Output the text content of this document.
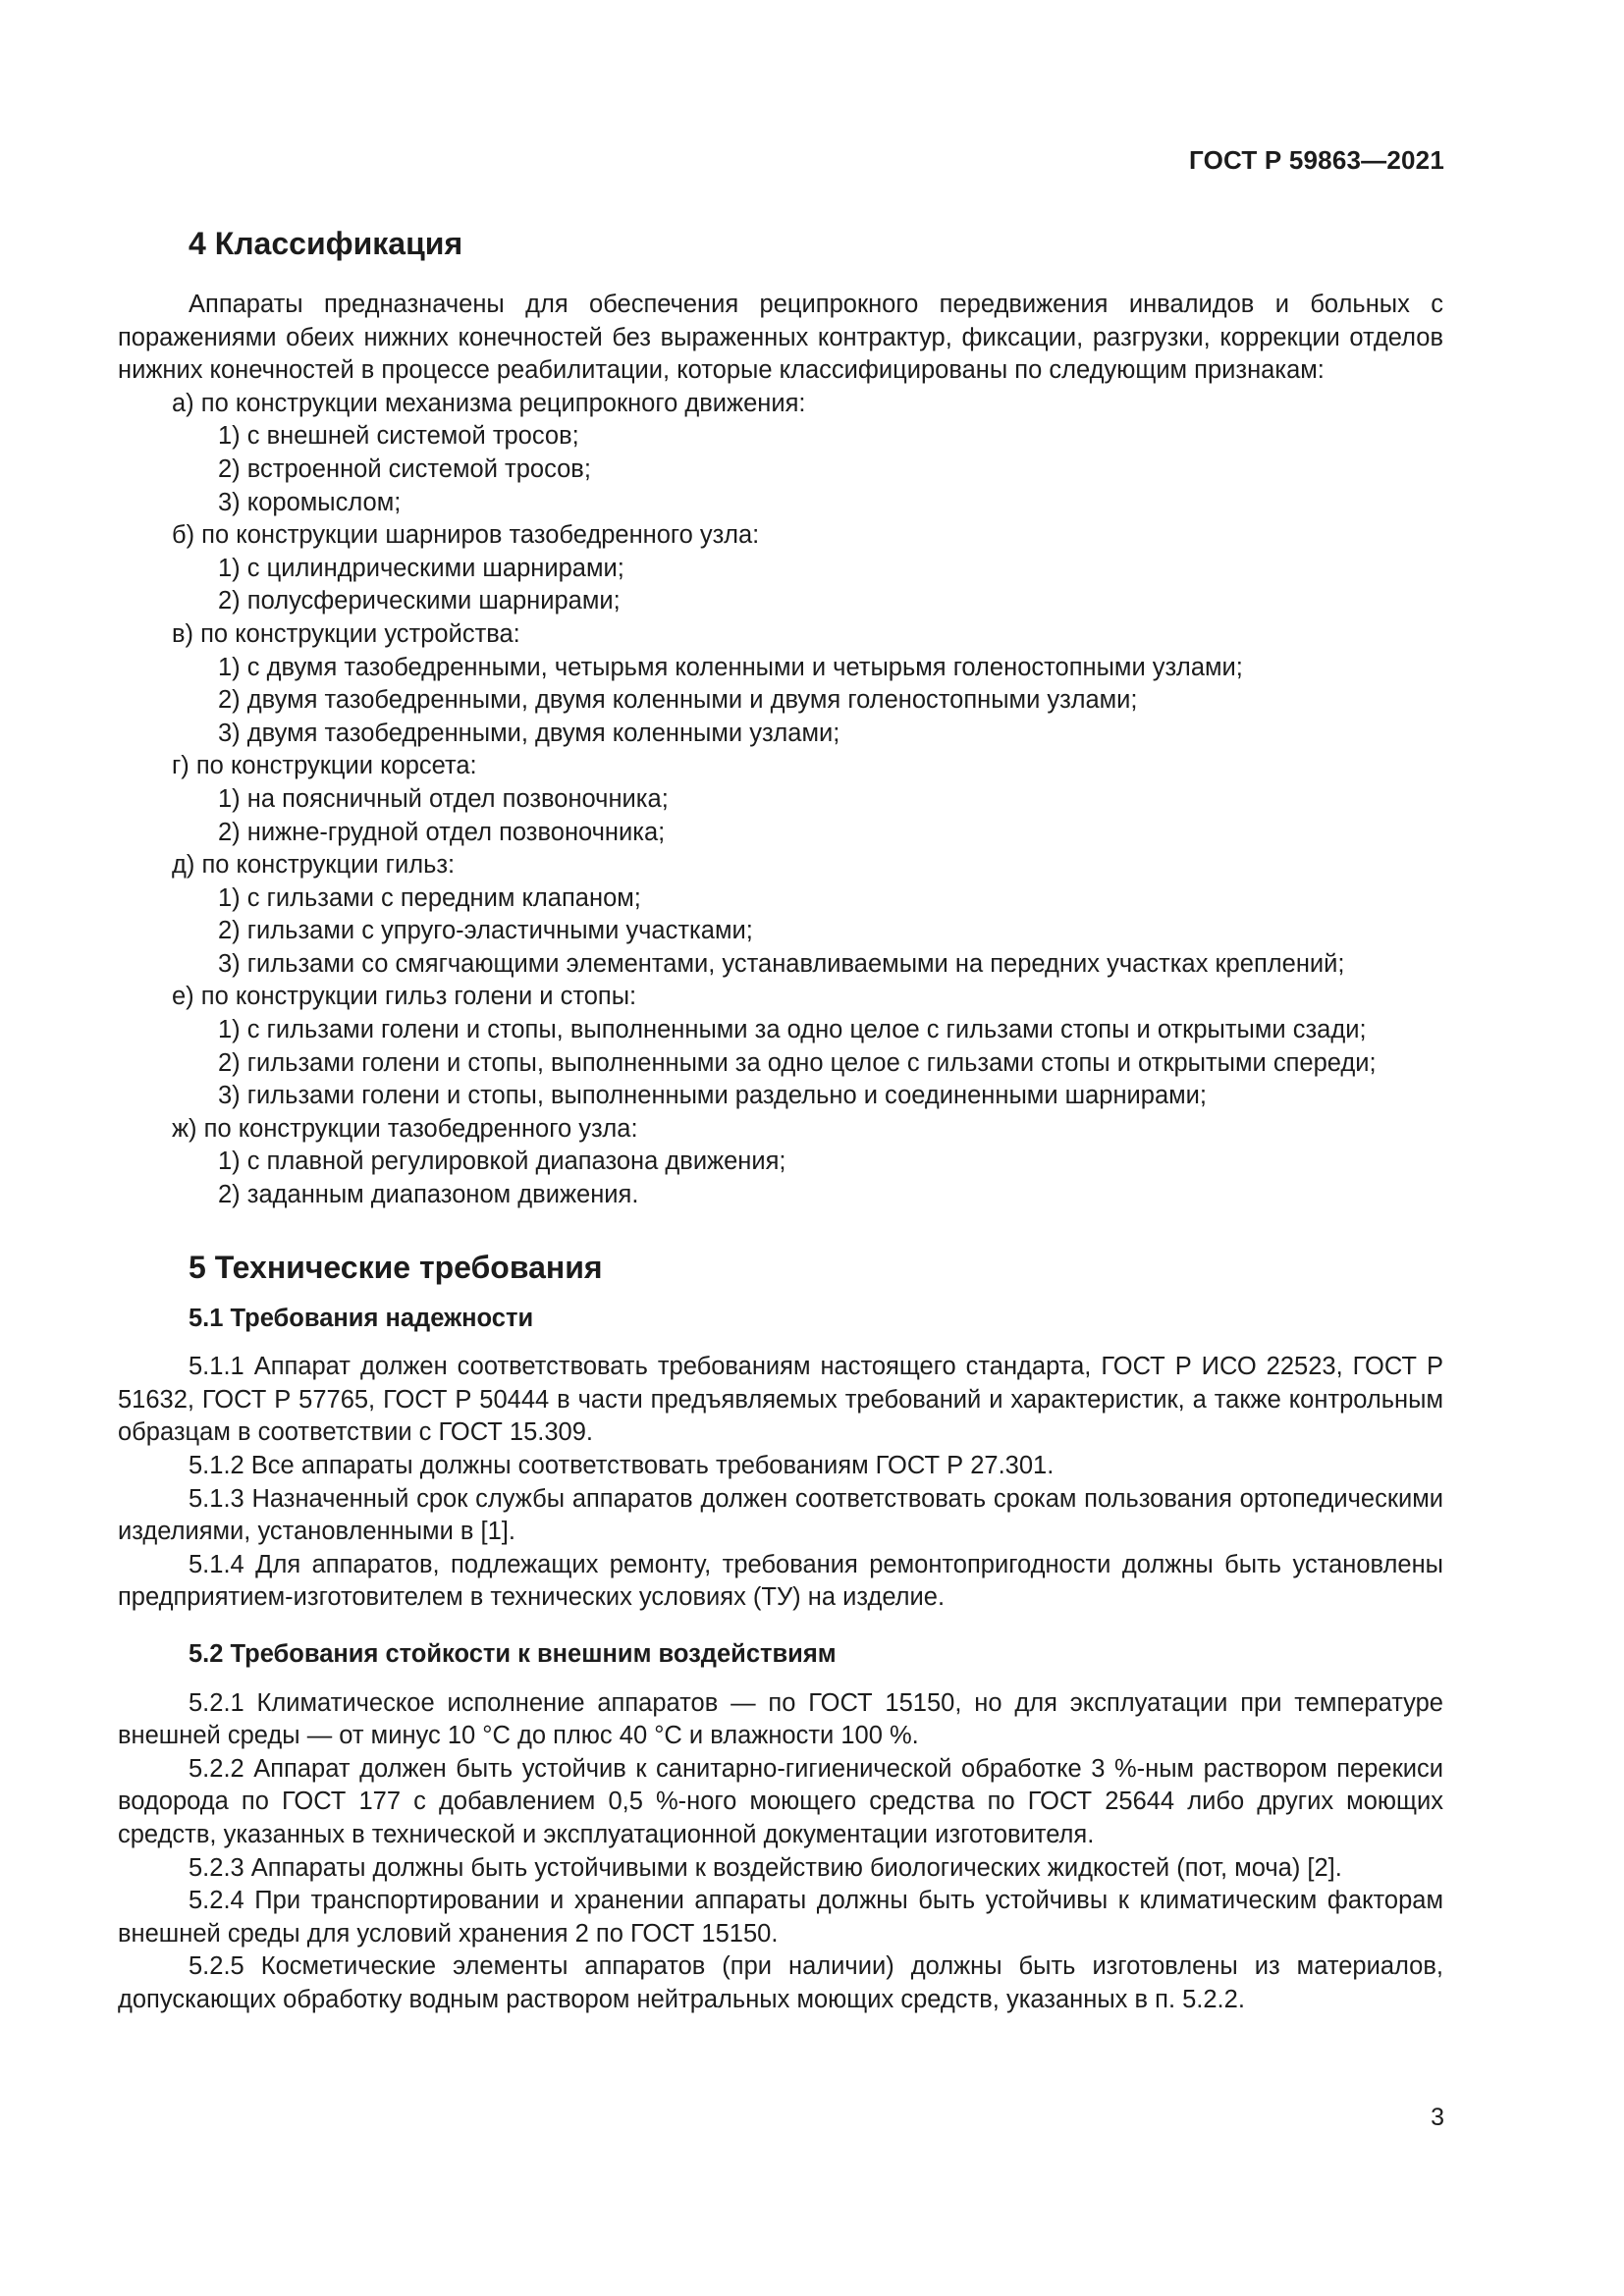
ГОСТ Р 59863—2021
4 Классификация

Аппараты предназначены для обеспечения реципрокного передвижения инвалидов и больных с поражениями обеих нижних конечностей без выраженных контрактур, фиксации, разгрузки, коррекции отделов нижних конечностей в процессе реабилитации, которые классифицированы по следующим признакам:

а) по конструкции механизма реципрокного движения:

1) с внешней системой тросов;

2) встроенной системой тросов;

3) коромыслом;

б) по конструкции шарниров тазобедренного узла:

1) с цилиндрическими шарнирами;

2) полусферическими шарнирами;

в) по конструкции устройства:

1) с двумя тазобедренными, четырьмя коленными и четырьмя голеностопными узлами;

2) двумя тазобедренными, двумя коленными и двумя голеностопными узлами;

3) двумя тазобедренными, двумя коленными узлами;

г) по конструкции корсета:

1) на поясничный отдел позвоночника;

2) нижне-грудной отдел позвоночника;

д) по конструкции гильз:

1) с гильзами с передним клапаном;

2) гильзами с упруго-эластичными участками;

3) гильзами со смягчающими элементами, устанавливаемыми на передних участках креплений;

е) по конструкции гильз голени и стопы:

1) с гильзами голени и стопы, выполненными за одно целое с гильзами стопы и открытыми сзади;

2) гильзами голени и стопы, выполненными за одно целое с гильзами стопы и открытыми спереди;

3) гильзами голени и стопы, выполненными раздельно и соединенными шарнирами;

ж) по конструкции тазобедренного узла:

1) с плавной регулировкой диапазона движения;

2) заданным диапазоном движения.

5 Технические требования
5.1 Требования надежности

5.1.1 Аппарат должен соответствовать требованиям настоящего стандарта, ГОСТ Р ИСО 22523, ГОСТ Р 51632, ГОСТ Р 57765, ГОСТ Р 50444 в части предъявляемых требований и характеристик, а также контрольным образцам в соответствии с ГОСТ 15.309.

5.1.2 Все аппараты должны соответствовать требованиям ГОСТ Р 27.301.

5.1.3 Назначенный срок службы аппаратов должен соответствовать срокам пользования ортопедическими изделиями, установленными в [1].

5.1.4 Для аппаратов, подлежащих ремонту, требования ремонтопригодности должны быть установлены предприятием-изготовителем в технических условиях (ТУ) на изделие.

5.2 Требования стойкости к внешним воздействиям

5.2.1 Климатическое исполнение аппаратов — по ГОСТ 15150, но для эксплуатации при температуре внешней среды — от минус 10 °С до плюс 40 °С и влажности 100 %.

5.2.2 Аппарат должен быть устойчив к санитарно-гигиенической обработке 3 %-ным раствором перекиси водорода по ГОСТ 177 с добавлением 0,5 %-ного моющего средства по ГОСТ 25644 либо других моющих средств, указанных в технической и эксплуатационной документации изготовителя.

5.2.3 Аппараты должны быть устойчивыми к воздействию биологических жидкостей (пот, моча) [2].

5.2.4 При транспортировании и хранении аппараты должны быть устойчивы к климатическим факторам внешней среды для условий хранения 2 по ГОСТ 15150.

5.2.5 Косметические элементы аппаратов (при наличии) должны быть изготовлены из материалов, допускающих обработку водным раствором нейтральных моющих средств, указанных в п. 5.2.2.

3
